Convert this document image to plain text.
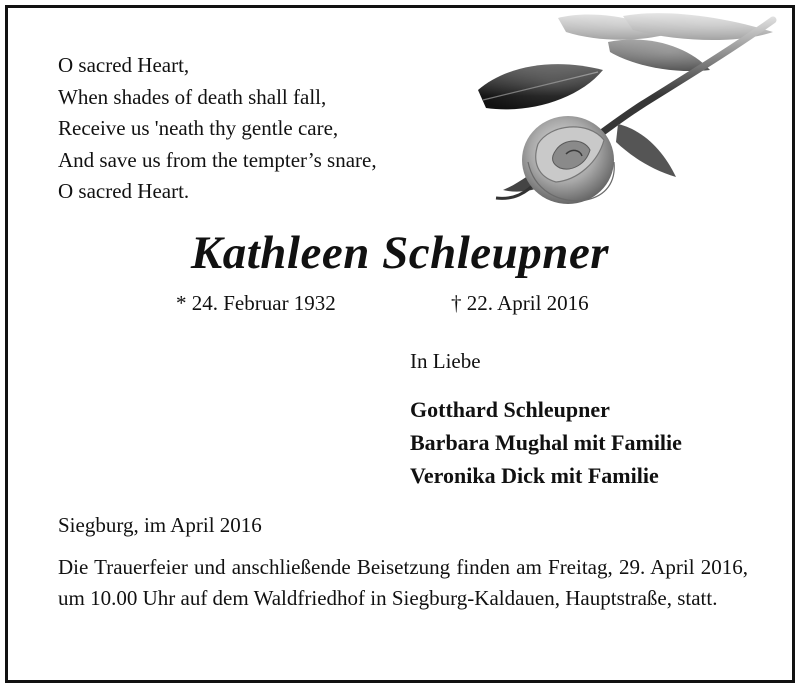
O sacred Heart,
When shades of death shall fall,
Receive us 'neath thy gentle care,
And save us from the tempter’s snare,
O sacred Heart.
Kathleen Schleupner
* 24. Februar 1932	† 22. April 2016
In Liebe
Gotthard Schleupner
Barbara Mughal mit Familie
Veronika Dick mit Familie
Siegburg, im April 2016
Die Trauerfeier und anschließende Beisetzung finden am Freitag, 29. April 2016, um 10.00 Uhr auf dem Waldfriedhof in Siegburg-Kaldauen, Hauptstraße, statt.
